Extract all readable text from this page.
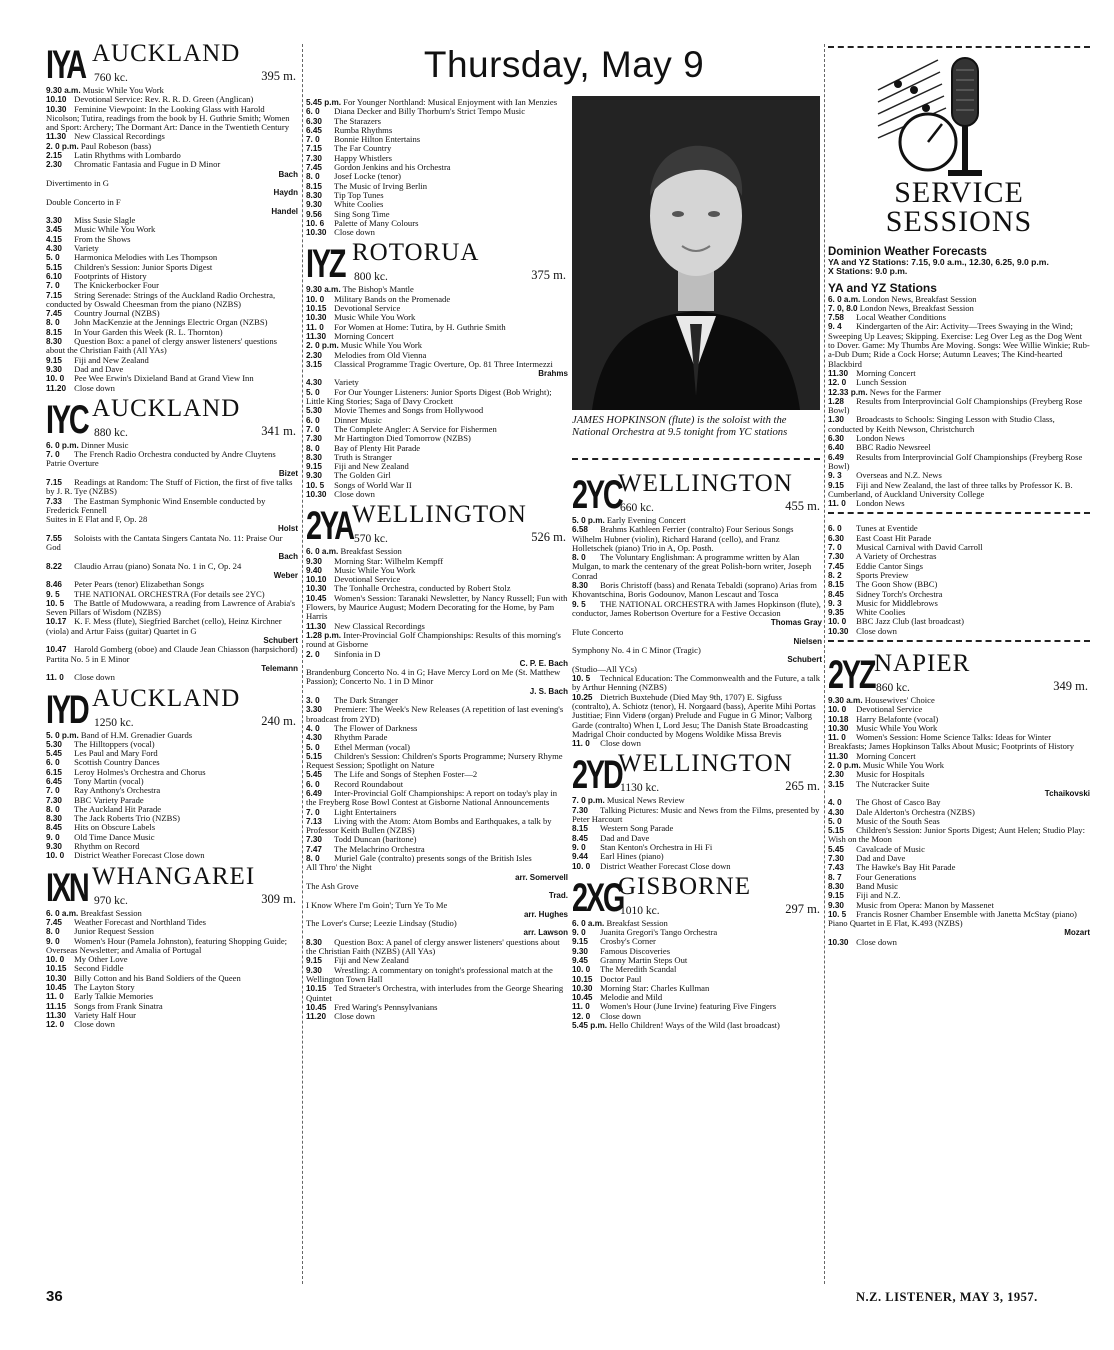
Thursday, May 9
IYA AUCKLAND
760 kc.	395 m.
9.30 a.m. Music While You Work
10.10 Devotional Service: Rev. R. R. D. Green (Anglican)
10.30 Feminine Viewpoint: In the Looking Glass with Harold Nicolson; Tutira, readings from the book by H. Guthrie Smith; Women and Sport: Archery; The Dormant Art: Dance in the Twentieth Century
11.30 New Classical Recordings
2. 0 p.m. Paul Robeson (bass)
2.15 Latin Rhythms with Lombardo
2.30 Chromatic Fantasia and Fugue in D Minor
Bach
Divertimento in G
Haydn
Double Concerto in F
Handel
3.30 Miss Susie Slagle
3.45 Music While You Work
4.15 From the Shows
4.30 Variety
5. 0 Harmonica Melodies with Les Thompson
5.15 Children's Session: Junior Sports Digest
6.10 Footprints of History
7. 0 The Knickerbocker Four
7.15 String Serenade: Strings of the Auckland Radio Orchestra, conducted by Oswald Cheesman from the piano (NZBS)
7.45 Country Journal (NZBS)
8. 0 John MacKenzie at the Jennings Electric Organ (NZBS)
8.15 In Your Garden this Week (R. L. Thornton)
8.30 Question Box: a panel of clergy answer listeners' questions about the Christian Faith (All YAs)
9.15 Fiji and New Zealand
9.30 Dad and Dave
10. 0 Pee Wee Erwin's Dixieland Band at Grand View Inn
11.20 Close down
IYC AUCKLAND
880 kc.	341 m.
6. 0 p.m. Dinner Music
7. 0 The French Radio Orchestra conducted by Andre Cluytens
Patrie Overture
Bizet
7.15 Readings at Random: The Stuff of Fiction, the first of five talks by J. R. Tye (NZBS)
7.33 The Eastman Symphonic Wind Ensemble conducted by Frederick Fennell
Suites in E Flat and F, Op. 28
Holst
7.55 Soloists with the Cantata Singers Cantata No. 11: Praise Our God
Bach
8.22 Claudio Arrau (piano) Sonata No. 1 in C, Op. 24
Weber
8.46 Peter Pears (tenor) Elizabethan Songs
9. 5 THE NATIONAL ORCHESTRA (For details see 2YC)
10. 5 The Battle of Mudowwara, a reading from Lawrence of Arabia's Seven Pillars of Wisdom (NZBS)
10.17 K. F. Mess (flute), Siegfried Barchet (cello), Heinz Kirchner (viola) and Artur Faiss (guitar) Quartet in G
Schubert
10.47 Harold Gomberg (oboe) and Claude Jean Chiasson (harpsichord) Partita No. 5 in E Minor
Telemann
11. 0 Close down
IYD AUCKLAND
1250 kc.	240 m.
5. 0 p.m. Band of H.M. Grenadier Guards
5.30 The Hilltoppers (vocal)
5.45 Les Paul and Mary Ford
6. 0 Scottish Country Dances
6.15 Leroy Holmes's Orchestra and Chorus
6.45 Tony Martin (vocal)
7. 0 Ray Anthony's Orchestra
7.30 BBC Variety Parade
8. 0 The Auckland Hit Parade
8.30 The Jack Roberts Trio (NZBS)
8.45 Hits on Obscure Labels
9. 0 Old Time Dance Music
9.30 Rhythm on Record
10. 0 District Weather Forecast Close down
IXN WHANGAREI
970 kc.	309 m.
6. 0 a.m. Breakfast Session
7.45 Weather Forecast and Northland Tides
8. 0 Junior Request Session
9. 0 Women's Hour (Pamela Johnston), featuring Shopping Guide; Overseas Newsletter; and Amalia of Portugal
10. 0 My Other Love
10.15 Second Fiddle
10.30 Billy Cotton and his Band Soldiers of the Queen
10.45 The Layton Story
11. 0 Early Talkie Memories
11.15 Songs from Frank Sinatra
11.30 Variety Half Hour
12. 0 Close down
5.45 p.m. For Younger Northland: Musical Enjoyment with Ian Menzies
6. 0 Diana Decker and Billy Thorburn's Strict Tempo Music
6.30 The Starazers
6.45 Rumba Rhythms
7. 0 Bonnie Hilton Entertains
7.15 The Far Country
7.30 Happy Whistlers
7.45 Gordon Jenkins and his Orchestra
8. 0 Josef Locke (tenor)
8.15 The Music of Irving Berlin
8.30 Tip Top Tunes
9.30 White Coolies
9.56 Sing Song Time
10. 6 Palette of Many Colours
10.30 Close down
IYZ ROTORUA
800 kc.	375 m.
9.30 a.m. The Bishop's Mantle
10. 0 Military Bands on the Promenade
10.15 Devotional Service
10.30 Music While You Work
11. 0 For Women at Home: Tutira, by H. Guthrie Smith
11.30 Morning Concert
2. 0 p.m. Music While You Work
2.30 Melodies from Old Vienna
3.15 Classical Programme Tragic Overture, Op. 81 Three Intermezzi
Brahms
4.30 Variety
5. 0 For Our Younger Listeners: Junior Sports Digest (Bob Wright); Little King Stories; Saga of Davy Crockett
5.30 Movie Themes and Songs from Hollywood
6. 0 Dinner Music
7. 0 The Complete Angler: A Service for Fishermen
7.30 Mr Hartington Died Tomorrow (NZBS)
8. 0 Bay of Plenty Hit Parade
8.30 Truth is Stranger
9.15 Fiji and New Zealand
9.30 The Golden Girl
10. 5 Songs of World War II
10.30 Close down
2YA WELLINGTON
570 kc.	526 m.
6. 0 a.m. Breakfast Session
9.30 Morning Star: Wilhelm Kempff
9.40 Music While You Work
10.10 Devotional Service
10.30 The Tonhalle Orchestra, conducted by Robert Stolz
10.45 Women's Session: Taranaki Newsletter, by Nancy Russell; Fun with Flowers, by Maurice August; Modern Decorating for the Home, by Pam Harris
11.30 New Classical Recordings
1.28 p.m. Inter-Provincial Golf Championships: Results of this morning's round at Gisborne
2. 0 Sinfonia in D
C. P. E. Bach
Brandenburg Concerto No. 4 in G; Have Mercy Lord on Me (St. Matthew Passion); Concerto No. 1 in D Minor
J. S. Bach
3. 0 The Dark Stranger
3.30 Premiere: The Week's New Releases (A repetition of last evening's broadcast from 2YD)
4. 0 The Flower of Darkness
4.30 Rhythm Parade
5. 0 Ethel Merman (vocal)
5.15 Children's Session: Children's Sports Programme; Nursery Rhyme Request Session; Spotlight on Nature
5.45 The Life and Songs of Stephen Foster—2
6. 0 Record Roundabout
6.49 Inter-Provincial Golf Championships: A report on today's play in the Freyberg Rose Bowl Contest at Gisborne National Announcements
7. 0 Light Entertainers
7.13 Living with the Atom: Atom Bombs and Earthquakes, a talk by Professor Keith Bullen (NZBS)
7.30 Todd Duncan (baritone)
7.47 The Melachrino Orchestra
8. 0 Muriel Gale (contralto) presents songs of the British Isles
All Thro' the Night
arr. Somervell
The Ash Grove
Trad.
I Know Where I'm Goin'; Turn Ye To Me
arr. Hughes
The Lover's Curse; Leezie Lindsay (Studio)
arr. Lawson
8.30 Question Box: A panel of clergy answer listeners' questions about the Christian Faith (NZBS) (All YAs)
9.15 Fiji and New Zealand
9.30 Wrestling: A commentary on tonight's professional match at the Wellington Town Hall
10.15 Ted Straeter's Orchestra, with interludes from the George Shearing Quintet
10.45 Fred Waring's Pennsylvanians
11.20 Close down
JAMES HOPKINSON (flute) is the soloist with the National Orchestra at 9.5 tonight from YC stations
2YC
WELLINGTON
660 kc.	455 m.
5. 0 p.m. Early Evening Concert
6.58 Brahms Kathleen Ferrier (contralto) Four Serious Songs Wilhelm Hubner (violin), Richard Harand (cello), and Franz Holletschek (piano) Trio in A, Op. Posth.
8. 0 The Voluntary Englishman: A programme written by Alan Mulgan, to mark the centenary of the great Polish-born writer, Joseph Conrad
8.30 Boris Christoff (bass) and Renata Tebaldi (soprano) Arias from Khovantschina, Boris Godounov, Manon Lescaut and Tosca
9. 5 THE NATIONAL ORCHESTRA with James Hopkinson (flute), conductor, James Robertson Overture for a Festive Occasion
Thomas Gray
Flute Concerto
Nielsen
Symphony No. 4 in C Minor (Tragic)
Schubert
(Studio—All YCs)
10. 5 Technical Education: The Commonwealth and the Future, a talk by Arthur Henning (NZBS)
10.25 Dietrich Buxtehude (Died May 9th, 1707) E. Sigfuss (contralto), A. Schiotz (tenor), H. Norgaard (bass), Aperite Mihi Portas Justitiae; Finn Viderø (organ) Prelude and Fugue in G Minor; Valborg Garde (contralto) When I, Lord Jesu; The Danish State Broadcasting Madrigal Choir conducted by Mogens Woldike Missa Brevis
11. 0 Close down
2YD
WELLINGTON
1130 kc.	265 m.
7. 0 p.m. Musical News Review
7.30 Talking Pictures: Music and News from the Films, presented by Peter Harcourt
8.15 Western Song Parade
8.45 Dad and Dave
9. 0 Stan Kenton's Orchestra in Hi Fi
9.44 Earl Hines (piano)
10. 0 District Weather Forecast Close down
2XG
GISBORNE
1010 kc.	297 m.
6. 0 a.m. Breakfast Session
9. 0 Juanita Gregori's Tango Orchestra
9.15 Crosby's Corner
9.30 Famous Discoveries
9.45 Granny Martin Steps Out
10. 0 The Meredith Scandal
10.15 Doctor Paul
10.30 Morning Star: Charles Kullman
10.45 Melodie and Mild
11. 0 Women's Hour (June Irvine) featuring Five Fingers
12. 0 Close down
5.45 p.m. Hello Children! Ways of the Wild (last broadcast)
SERVICE
SESSIONS
Dominion Weather Forecasts
YA and YZ Stations: 7.15, 9.0 a.m., 12.30, 6.25, 9.0 p.m.
X Stations: 9.0 p.m.
YA and YZ Stations
6. 0 a.m. London News, Breakfast Session
7. 0, 8.0 London News, Breakfast Session
7.58 Local Weather Conditions
9. 4 Kindergarten of the Air: Activity—Trees Swaying in the Wind; Sweeping Up Leaves; Skipping. Exercise: Leg Over Leg as the Dog Went to Dover. Game: My Thumbs Are Moving. Songs: Wee Willie Winkie; Rub-a-Dub Dum; Ride a Cock Horse; Autumn Leaves; The Kind-hearted Blackbird
11.30 Morning Concert
12. 0 Lunch Session
12.33 p.m. News for the Farmer
1.28 Results from Interprovincial Golf Championships (Freyberg Rose Bowl)
1.30 Broadcasts to Schools: Singing Lesson with Studio Class, conducted by Keith Newson, Christchurch
6.30 London News
6.40 BBC Radio Newsreel
6.49 Results from Interprovincial Golf Championships (Freyberg Rose Bowl)
9. 3 Overseas and N.Z. News
9.15 Fiji and New Zealand, the last of three talks by Professor K. B. Cumberland, of Auckland University College
11. 0 London News
6. 0 Tunes at Eventide
6.30 East Coast Hit Parade
7. 0 Musical Carnival with David Carroll
7.30 A Variety of Orchestras
7.45 Eddie Cantor Sings
8. 2 Sports Preview
8.15 The Goon Show (BBC)
8.45 Sidney Torch's Orchestra
9. 3 Music for Middlebrows
9.35 White Coolies
10. 0 BBC Jazz Club (last broadcast)
10.30 Close down
2YZ NAPIER
860 kc.	349 m.
9.30 a.m. Housewives' Choice
10. 0 Devotional Service
10.18 Harry Belafonte (vocal)
10.30 Music While You Work
11. 0 Women's Session: Home Science Talks: Ideas for Winter Breakfasts; James Hopkinson Talks About Music; Footprints of History
11.30 Morning Concert
2. 0 p.m. Music While You Work
2.30 Music for Hospitals
3.15 The Nutcracker Suite
Tchaikovski
4. 0 The Ghost of Casco Bay
4.30 Dale Alderton's Orchestra (NZBS)
5. 0 Music of the South Seas
5.15 Children's Session: Junior Sports Digest; Aunt Helen; Studio Play: Wish on the Moon
5.45 Cavalcade of Music
7.30 Dad and Dave
7.43 The Hawke's Bay Hit Parade
8. 7 Four Generations
8.30 Band Music
9.15 Fiji and N.Z.
9.30 Music from Opera: Manon by Massenet
10. 5 Francis Rosner Chamber Ensemble with Janetta McStay (piano) Piano Quartet in E Flat, K.493 (NZBS)
Mozart
10.30 Close down
36	N.Z. LISTENER, MAY 3, 1957.
